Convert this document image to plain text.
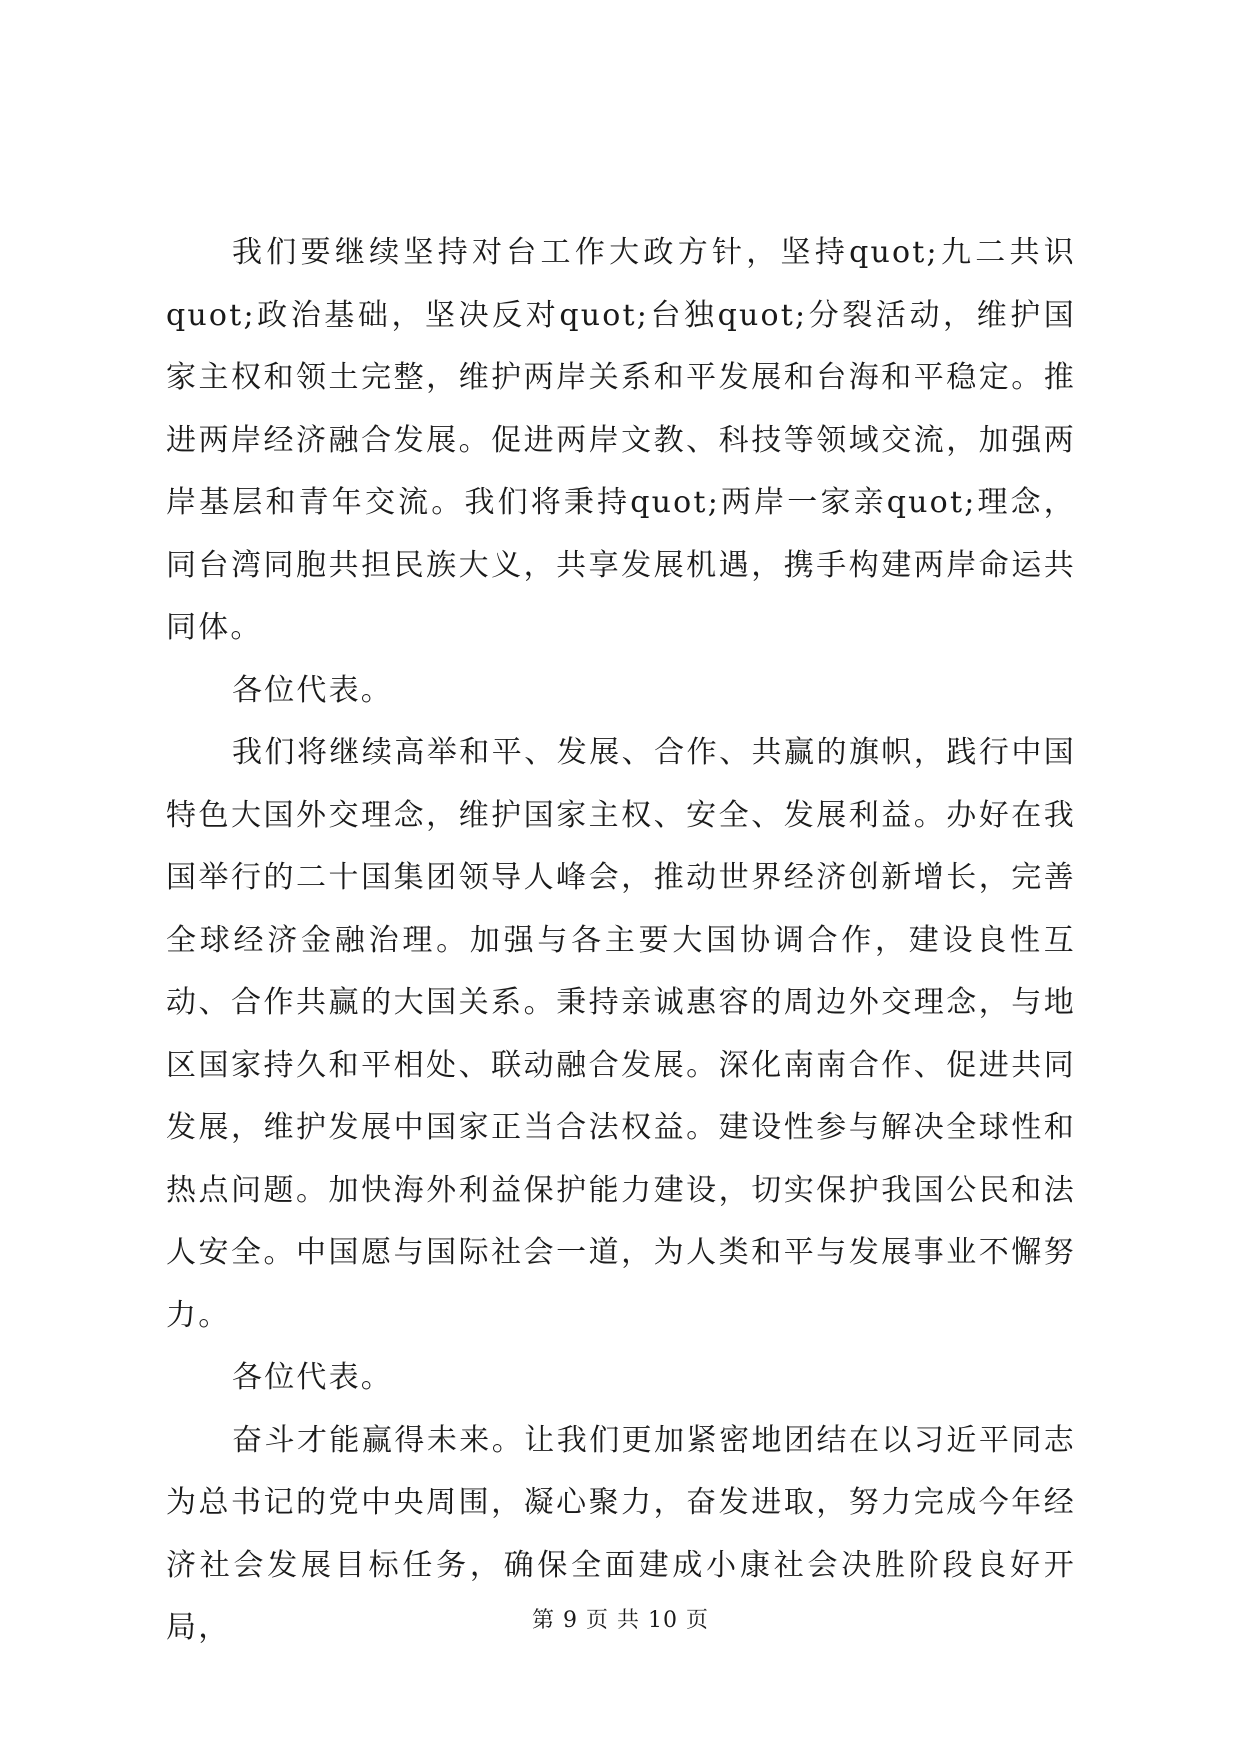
我们要继续坚持对台工作大政方针，坚持quot;九二共识quot;政治基础，坚决反对quot;台独quot;分裂活动，维护国家主权和领土完整，维护两岸关系和平发展和台海和平稳定。推进两岸经济融合发展。促进两岸文教、科技等领域交流，加强两岸基层和青年交流。我们将秉持quot;两岸一家亲quot;理念，同台湾同胞共担民族大义，共享发展机遇，携手构建两岸命运共同体。

各位代表。

我们将继续高举和平、发展、合作、共赢的旗帜，践行中国特色大国外交理念，维护国家主权、安全、发展利益。办好在我国举行的二十国集团领导人峰会，推动世界经济创新增长，完善全球经济金融治理。加强与各主要大国协调合作，建设良性互动、合作共赢的大国关系。秉持亲诚惠容的周边外交理念，与地区国家持久和平相处、联动融合发展。深化南南合作、促进共同发展，维护发展中国家正当合法权益。建设性参与解决全球性和热点问题。加快海外利益保护能力建设，切实保护我国公民和法人安全。中国愿与国际社会一道，为人类和平与发展事业不懈努力。

各位代表。

奋斗才能赢得未来。让我们更加紧密地团结在以习近平同志为总书记的党中央周围，凝心聚力，奋发进取，努力完成今年经济社会发展目标任务，确保全面建成小康社会决胜阶段良好开局，	第 9 页 共 10 页
